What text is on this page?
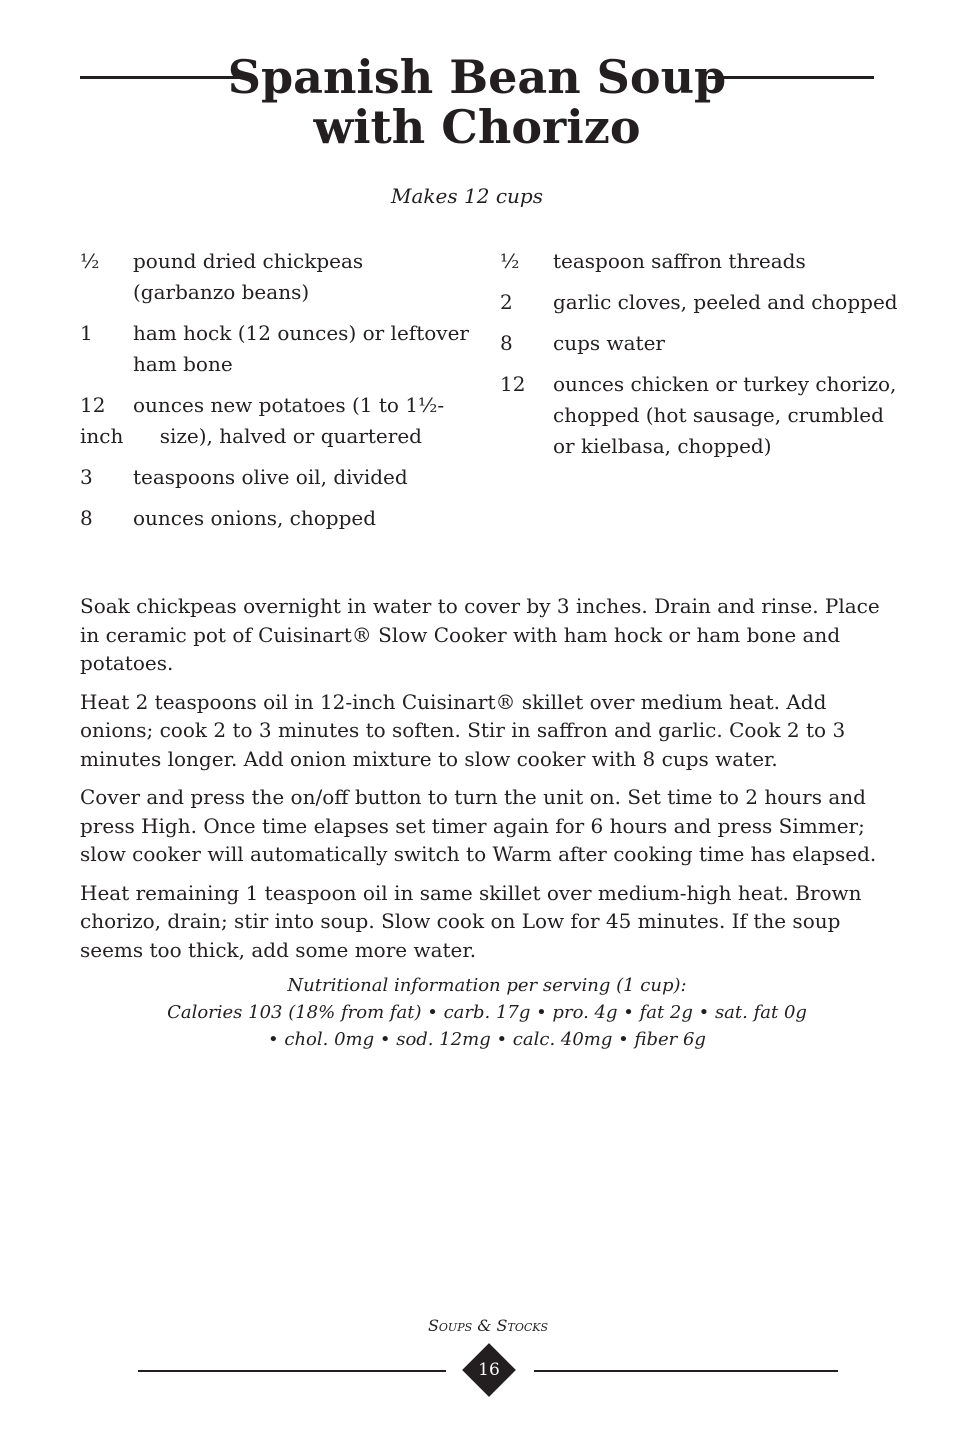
Spanish Bean Soup
with Chorizo
Makes 12 cups
½ pound dried chickpeas (garbanzo beans)
1 ham hock (12 ounces) or leftover ham bone
12 ounces new potatoes (1 to 1½-
inch size), halved or quartered
3 teaspoons olive oil, divided
8 ounces onions, chopped
½ teaspoon saffron threads
2 garlic cloves, peeled and chopped
8 cups water
12 ounces chicken or turkey chorizo, chopped (hot sausage, crumbled or kielbasa, chopped)

Soak chickpeas overnight in water to cover by 3 inches. Drain and rinse. Place in ceramic pot of Cuisinart® Slow Cooker with ham hock or ham bone and potatoes.

Heat 2 teaspoons oil in 12-inch Cuisinart® skillet over medium heat. Add onions; cook 2 to 3 minutes to soften. Stir in saffron and garlic. Cook 2 to 3 minutes longer. Add onion mixture to slow cooker with 8 cups water.

Cover and press the on/off button to turn the unit on. Set time to 2 hours and press High. Once time elapses set timer again for 6 hours and press Simmer; slow cooker will automatically switch to Warm after cooking time has elapsed.

Heat remaining 1 teaspoon oil in same skillet over medium-high heat. Brown chorizo, drain; stir into soup. Slow cook on Low for 45 minutes. If the soup seems too thick, add some more water.

Nutritional information per serving (1 cup):
Calories 103 (18% from fat) • carb. 17g • pro. 4g • fat 2g • sat. fat 0g
• chol. 0mg • sod. 12mg • calc. 40mg • fiber 6g
Soups & Stocks
16
